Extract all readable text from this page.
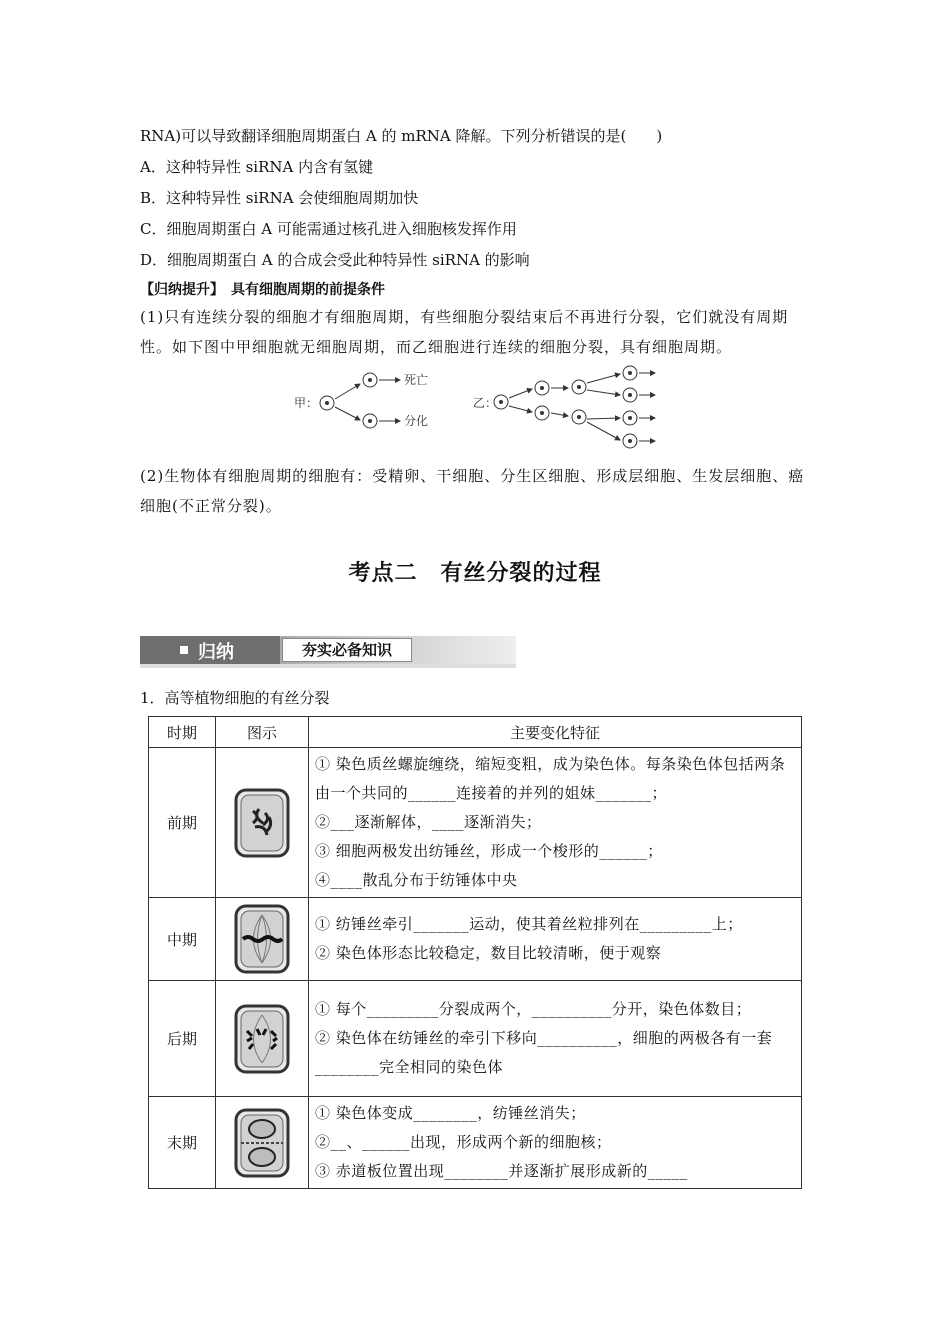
RNA)可以导致翻译细胞周期蛋白 A 的 mRNA 降解。下列分析错误的是(　　)
A．这种特异性 siRNA 内含有氢键
B．这种特异性 siRNA 会使细胞周期加快
C．细胞周期蛋白 A 可能需通过核孔进入细胞核发挥作用
D．细胞周期蛋白 A 的合成会受此种特异性 siRNA 的影响
【归纳提升】　具有细胞周期的前提条件
(1)只有连续分裂的细胞才有细胞周期，有些细胞分裂结束后不再进行分裂，它们就没有周期性。如下图中甲细胞就无细胞周期，而乙细胞进行连续的细胞分裂，具有细胞周期。
甲：
死亡
分化
乙：
(2)生物体有细胞周期的细胞有：受精卵、干细胞、分生区细胞、形成层细胞、生发层细胞、癌细胞(不正常分裂)。
考点二　有丝分裂的过程
归纳	夯实必备知识
1．高等植物细胞的有丝分裂
时期	图示	主要变化特征
前期		① 染色质丝螺旋缠绕，缩短变粗，成为染色体。每条染色体包括两条由一个共同的______连接着的并列的姐妹_______；
②___逐渐解体，____逐渐消失；
③ 细胞两极发出纺锤丝，形成一个梭形的______；
④____散乱分布于纺锤体中央

中期		① 纺锤丝牵引_______运动，使其着丝粒排列在_________上；
② 染色体形态比较稳定，数目比较清晰，便于观察

后期		① 每个_________分裂成两个，__________分开，染色体数目；
② 染色体在纺锤丝的牵引下移向__________，细胞的两极各有一套________完全相同的染色体

末期		① 染色体变成________，纺锤丝消失；
②__、______出现，形成两个新的细胞核；
③ 赤道板位置出现________并逐渐扩展形成新的_____
